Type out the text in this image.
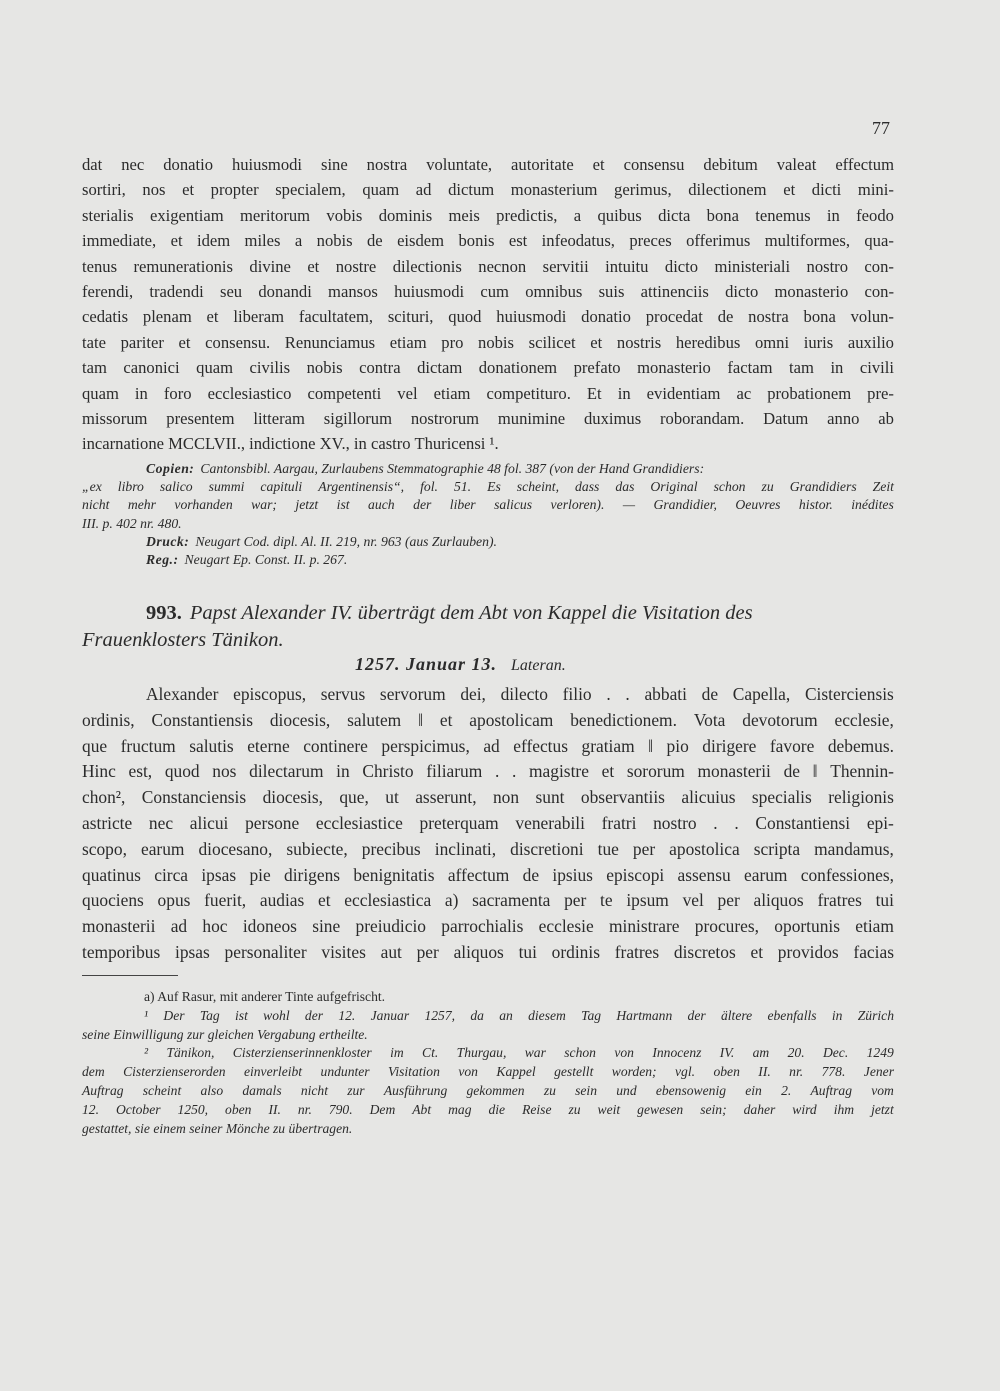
77
dat nec donatio huiusmodi sine nostra voluntate, autoritate et consensu debitum valeat effectum
sortiri, nos et propter specialem, quam ad dictum monasterium gerimus, dilectionem et dicti mini-
sterialis exigentiam meritorum vobis dominis meis predictis, a quibus dicta bona tenemus in feodo
immediate, et idem miles a nobis de eisdem bonis est infeodatus, preces offerimus multiformes, qua-
tenus remunerationis divine et nostre dilectionis necnon servitii intuitu dicto ministeriali nostro con-
ferendi, tradendi seu donandi mansos huiusmodi cum omnibus suis attinenciis dicto monasterio con-
cedatis plenam et liberam facultatem, scituri, quod huiusmodi donatio procedat de nostra bona volun-
tate pariter et consensu. Renunciamus etiam pro nobis scilicet et nostris heredibus omni iuris auxilio
tam canonici quam civilis nobis contra dictam donationem prefato monasterio factam tam in civili
quam in foro ecclesiastico competenti vel etiam competituro. Et in evidentiam ac probationem pre-
missorum presentem litteram sigillorum nostrorum munimine duximus roborandam. Datum anno ab
incarnatione MCCLVII., indictione XV., in castro Thuricensi ¹.
Copien: Cantonsbibl. Aargau, Zurlaubens Stemmatographie 48 fol. 387 (von der Hand Grandidiers:
„ex libro salico summi capituli Argentinensis“, fol. 51. Es scheint, dass das Original schon zu Grandidiers Zeit
nicht mehr vorhanden war; jetzt ist auch der liber salicus verloren). — Grandidier, Oeuvres histor. inédites
III. p. 402 nr. 480.
Druck: Neugart Cod. dipl. Al. II. 219, nr. 963 (aus Zurlauben).
Reg.: Neugart Ep. Const. II. p. 267.
993. Papst Alexander IV. überträgt dem Abt von Kappel die Visitation des
Frauenklosters Tänikon.
1257. Januar 13. Lateran.
Alexander episcopus, servus servorum dei, dilecto filio . . abbati de Capella, Cisterciensis
ordinis, Constantiensis diocesis, salutem ‖ et apostolicam benedictionem. Vota devotorum ecclesie,
que fructum salutis eterne continere perspicimus, ad effectus gratiam ‖ pio dirigere favore debemus.
Hinc est, quod nos dilectarum in Christo filiarum . . magistre et sororum monasterii de ‖ Thennin-
chon², Constanciensis diocesis, que, ut asserunt, non sunt observantiis alicuius specialis religionis
astricte nec alicui persone ecclesiastice preterquam venerabili fratri nostro . . Constantiensi epi-
scopo, earum diocesano, subiecte, precibus inclinati, discretioni tue per apostolica scripta mandamus,
quatinus circa ipsas pie dirigens benignitatis affectum de ipsius episcopi assensu earum confessiones,
quociens opus fuerit, audias et ecclesiastica a) sacramenta per te ipsum vel per aliquos fratres tui
monasterii ad hoc idoneos sine preiudicio parrochialis ecclesie ministrare procures, oportunis etiam
temporibus ipsas personaliter visites aut per aliquos tui ordinis fratres discretos et providos facias
a) Auf Rasur, mit anderer Tinte aufgefrischt.
¹ Der Tag ist wohl der 12. Januar 1257, da an diesem Tag Hartmann der ältere ebenfalls in Zürich
seine Einwilligung zur gleichen Vergabung ertheilte.
² Tänikon, Cisterzienserinnenkloster im Ct. Thurgau, war schon von Innocenz IV. am 20. Dec. 1249
dem Cisterzienserorden einverleibt undunter Visitation von Kappel gestellt worden; vgl. oben II. nr. 778. Jener
Auftrag scheint also damals nicht zur Ausführung gekommen zu sein und ebensowenig ein 2. Auftrag vom
12. October 1250, oben II. nr. 790. Dem Abt mag die Reise zu weit gewesen sein; daher wird ihm jetzt
gestattet, sie einem seiner Mönche zu übertragen.
